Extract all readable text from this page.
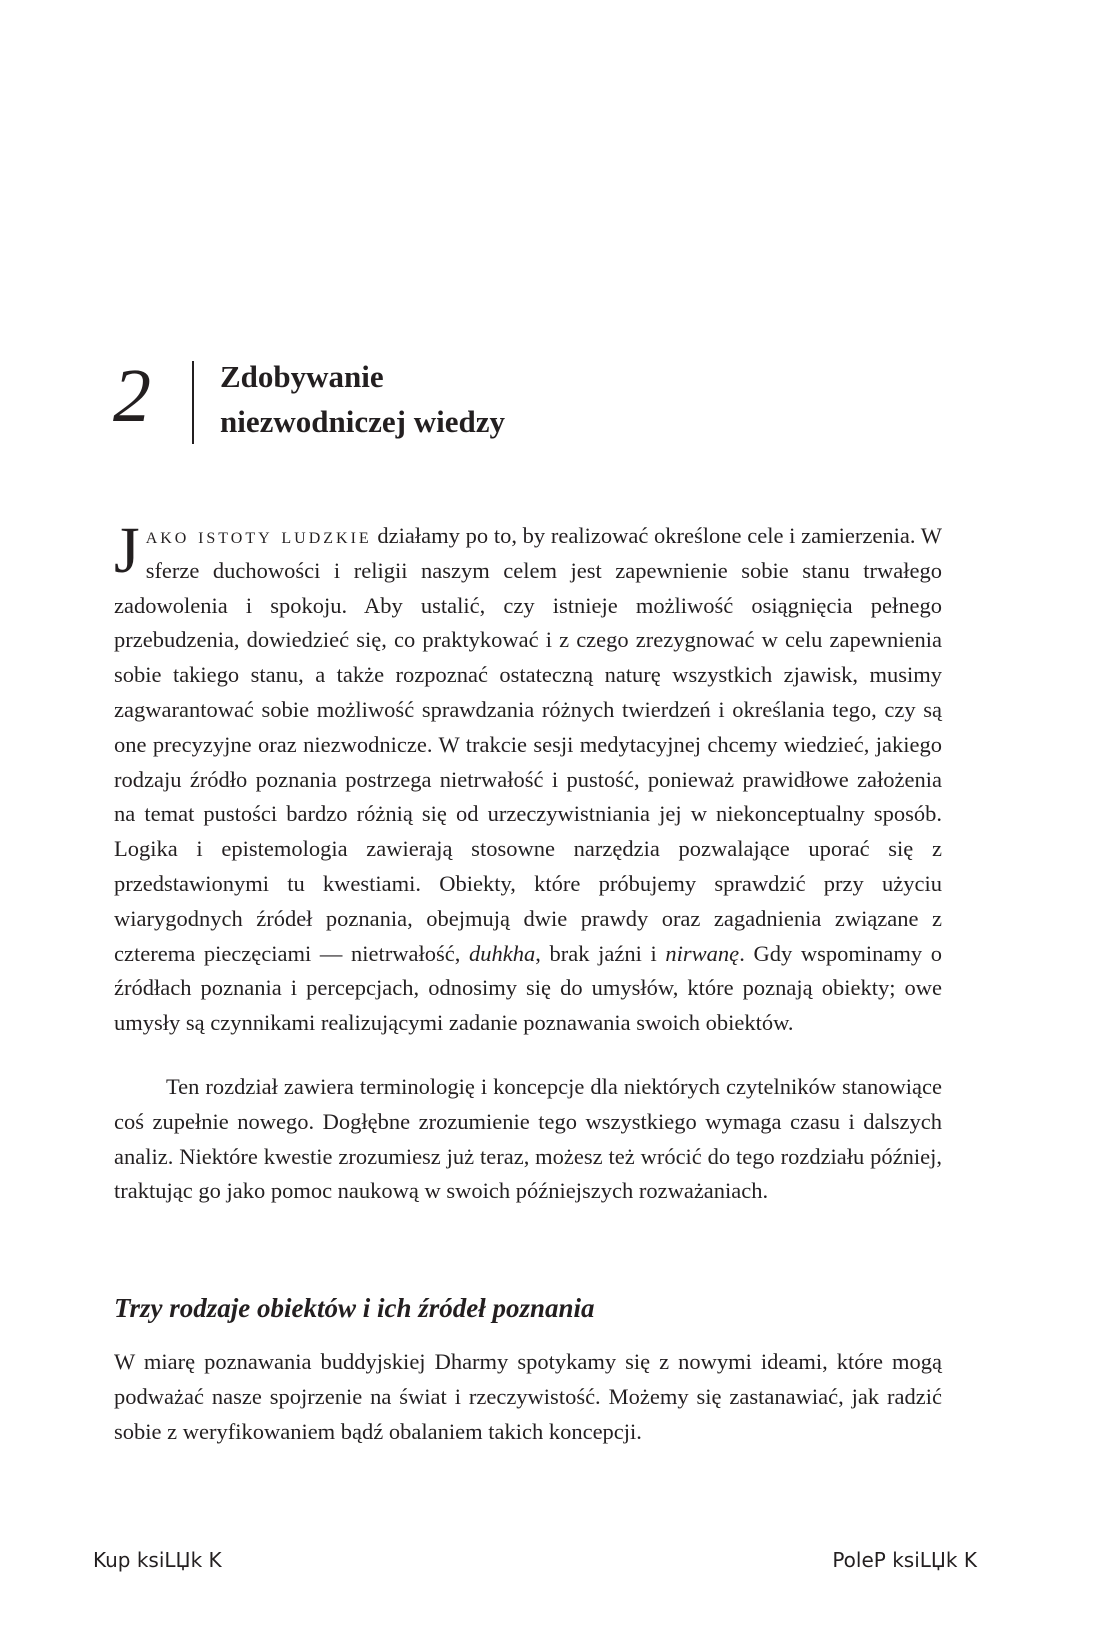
2 Zdobywanie
niezwodniczej wiedzy

Jako istoty ludzkie działamy po to, by realizować określone cele i zamierzenia. W sferze duchowości i religii naszym celem jest zapewnienie sobie stanu trwałego zadowolenia i spokoju. Aby ustalić, czy istnieje możliwość osiągnięcia pełnego przebudzenia, dowiedzieć się, co praktykować i z czego zrezygnować w celu zapewnienia sobie takiego stanu, a także rozpoznać ostateczną naturę wszystkich zjawisk, musimy zagwarantować sobie możliwość sprawdzania różnych twierdzeń i określania tego, czy są one precyzyjne oraz niezwodnicze. W trakcie sesji medytacyjnej chcemy wiedzieć, jakiego rodzaju źródło poznania postrzega nietrwałość i pustość, ponieważ prawidłowe założenia na temat pustości bardzo różnią się od urzeczywistniania jej w niekonceptualny sposób. Logika i epistemologia zawierają stosowne narzędzia pozwalające uporać się z przedstawionymi tu kwestiami. Obiekty, które próbujemy sprawdzić przy użyciu wiarygodnych źródeł poznania, obejmują dwie prawdy oraz zagadnienia związane z czterema pieczęciami — nietrwałość, duhkha, brak jaźni i nirwanę. Gdy wspominamy o źródłach poznania i percepcjach, odnosimy się do umysłów, które poznają obiekty; owe umysły są czynnikami realizującymi zadanie poznawania swoich obiektów.

Ten rozdział zawiera terminologię i koncepcje dla niektórych czytelników stanowiące coś zupełnie nowego. Dogłębne zrozumienie tego wszystkiego wymaga czasu i dalszych analiz. Niektóre kwestie zrozumiesz już teraz, możesz też wrócić do tego rozdziału później, traktując go jako pomoc naukową w swoich późniejszych rozważaniach.

Trzy rodzaje obiektów i ich źródeł poznania

W miarę poznawania buddyjskiej Dharmy spotykamy się z nowymi ideami, które mogą podważać nasze spojrzenie na świat i rzeczywistość. Możemy się zastanawiać, jak radzić sobie z weryfikowaniem bądź obalaniem takich koncepcji.

Kup ksiLЏk K	PoleP ksiLЏk K
